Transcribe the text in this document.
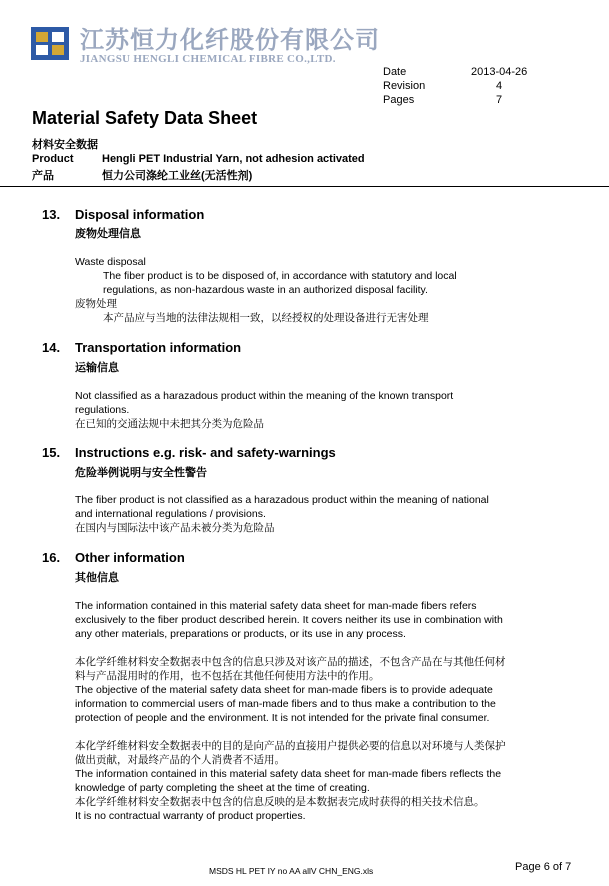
江苏恒力化纤股份有限公司
JIANGSU HENGLI CHEMICAL FIBRE CO.,LTD.
Date	2013-04-26
Revision	4
Pages	7
Material Safety Data Sheet
材料安全数据
Product	Hengli PET Industrial Yarn, not adhesion activated
产品	恒力公司涤纶工业丝(无活性剂)
13. Disposal information
废物处理信息
Waste disposal
The fiber product is to be disposed of, in accordance with statutory and local regulations, as non-hazardous waste in an authorized disposal facility.
废物处理
本产品应与当地的法律法规相一致，以经授权的处理设备进行无害处理
14. Transportation information
运输信息
Not classified as a harazadous product within the meaning of the known transport regulations.
在已知的交通法规中未把其分类为危险品
15. Instructions e.g. risk- and safety-warnings
危险举例说明与安全性警告
The fiber product is not classified as a harazadous product within the meaning of national and international regulations / provisions.
在国内与国际法中该产品未被分类为危险品
16. Other information
其他信息
The information contained in this material safety data sheet for man-made fibers refers exclusively to the fiber product described herein. It covers neither its use in combination with any other materials, preparations or products, or its use in any process.
本化学纤维材料安全数据表中包含的信息只涉及对该产品的描述，不包含产品在与其他任何材料与产品混用时的作用，也不包括在其他任何使用方法中的作用。
The objective of the material safety data sheet for man-made fibers is to provide adequate information to commercial users of man-made fibers and to thus make a contribution to the protection of people and the environment. It is not intended for the private final consumer.
本化学纤维材料安全数据表中的目的是向产品的直接用户提供必要的信息以对环境与人类保护做出贡献，对最终产品的个人消费者不适用。
The information contained in this material safety data sheet for man-made fibers reflects the knowledge of party completing the sheet at the time of creating.
本化学纤维材料安全数据表中包含的信息反映的是本数据表完成时获得的相关技术信息。
It is no contractual warranty of product properties.
MSDS HL PET IY no AA allV CHN_ENG.xls	Page 6 of 7
